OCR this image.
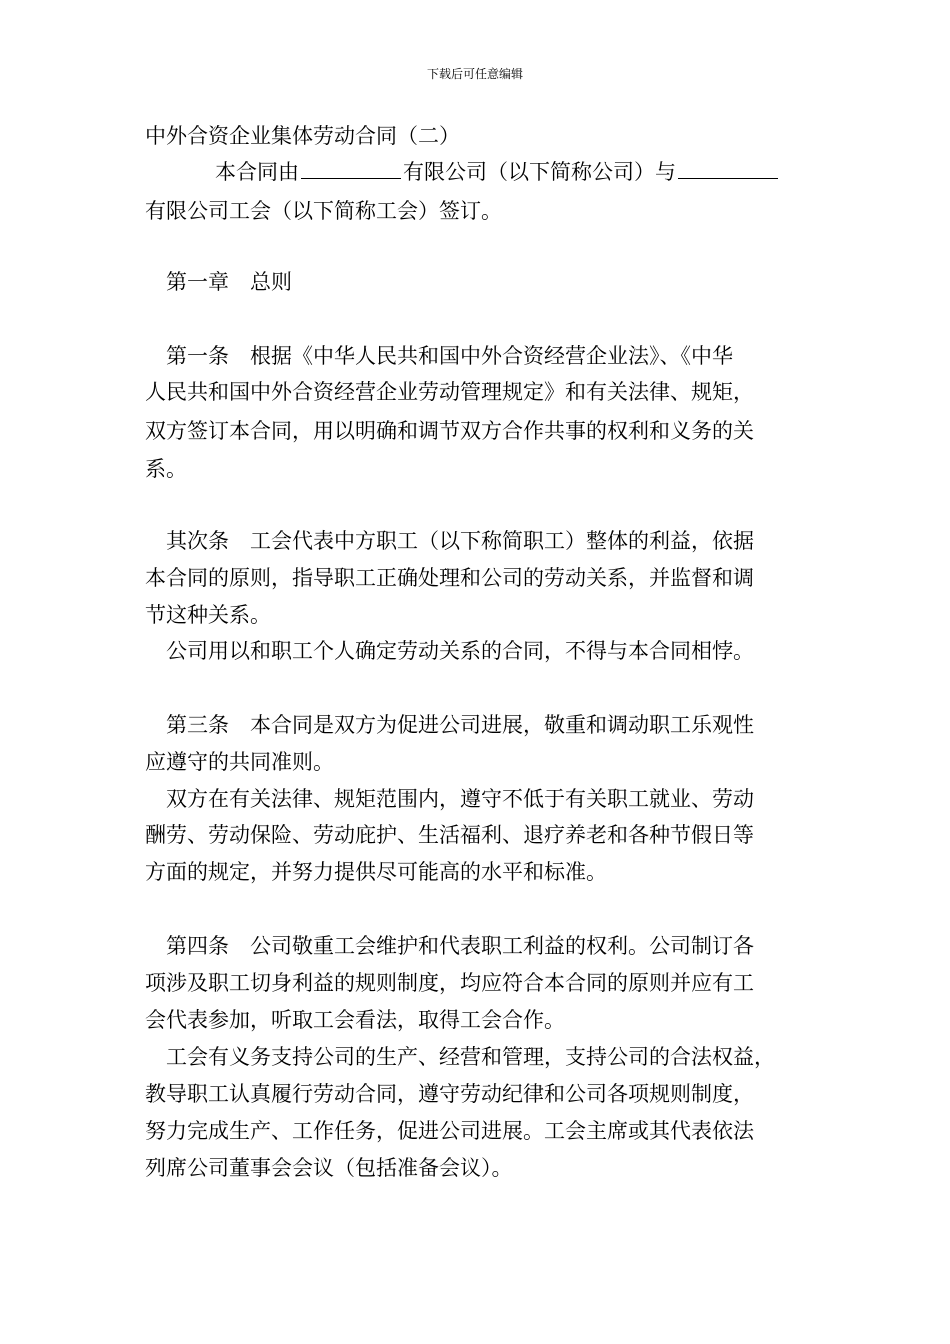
下载后可任意编辑
中外合资企业集体劳动合同（二）
本合同由	有限公司（以下简称公司）与
有限公司工会（以下简称工会）签订。
第一章　总则
第一条　根据《中华人民共和国中外合资经营企业法》、《中华
人民共和国中外合资经营企业劳动管理规定》和有关法律、规矩，
双方签订本合同，用以明确和调节双方合作共事的权利和义务的关
系。
其次条　工会代表中方职工（以下称简职工）整体的利益，依据
本合同的原则，指导职工正确处理和公司的劳动关系，并监督和调
节这种关系。
公司用以和职工个人确定劳动关系的合同，不得与本合同相悖。
第三条　本合同是双方为促进公司进展，敬重和调动职工乐观性
应遵守的共同准则。
双方在有关法律、规矩范围内，遵守不低于有关职工就业、劳动
酬劳、劳动保险、劳动庇护、生活福利、退疗养老和各种节假日等
方面的规定，并努力提供尽可能高的水平和标准。
第四条　公司敬重工会维护和代表职工利益的权利。公司制订各
项涉及职工切身利益的规则制度，均应符合本合同的原则并应有工
会代表参加，听取工会看法，取得工会合作。
工会有义务支持公司的生产、经营和管理，支持公司的合法权益，
教导职工认真履行劳动合同，遵守劳动纪律和公司各项规则制度，
努力完成生产、工作任务，促进公司进展。工会主席或其代表依法
列席公司董事会会议（包括准备会议）。
